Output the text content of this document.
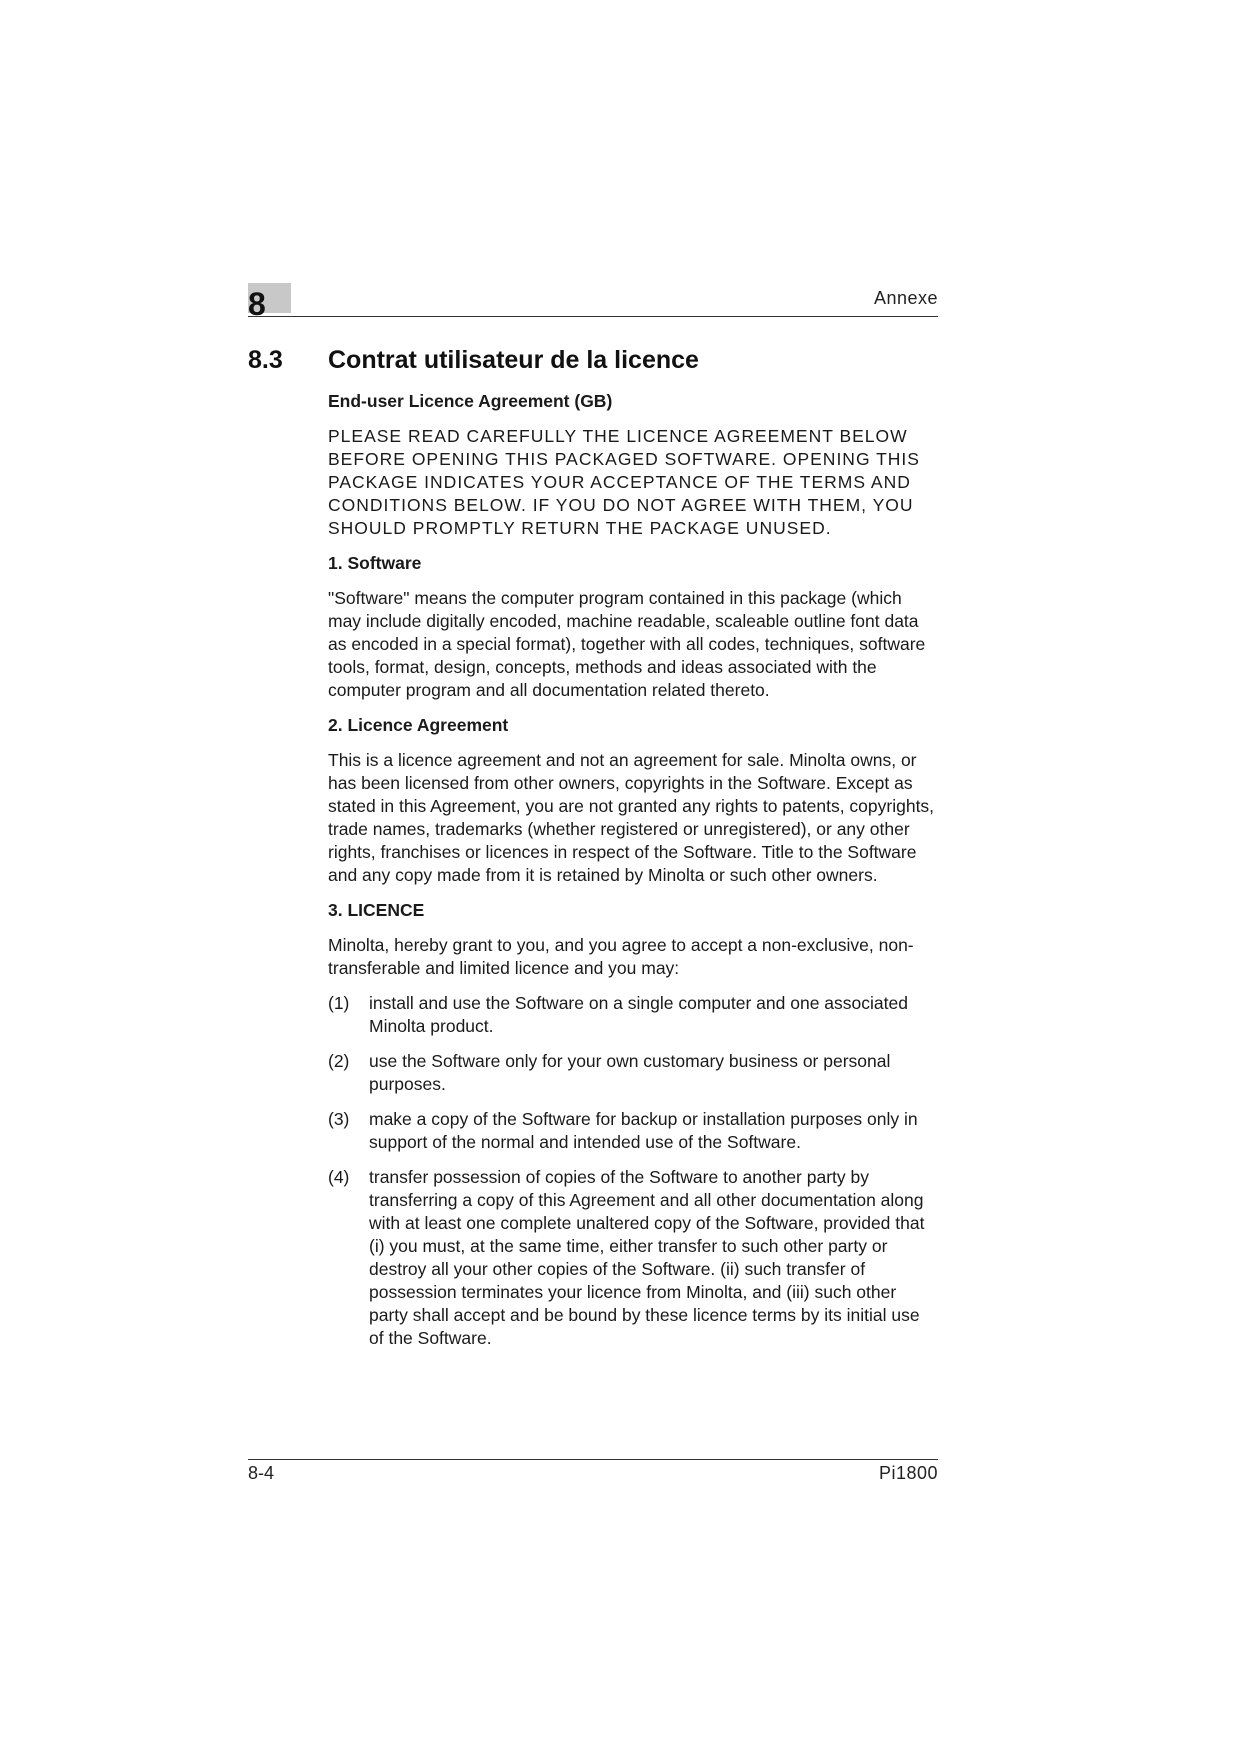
8	Annexe
8.3 Contrat utilisateur de la licence
End-user Licence Agreement (GB)
PLEASE READ CAREFULLY THE LICENCE AGREEMENT BELOW BEFORE OPENING THIS PACKAGED SOFTWARE. OPENING THIS PACKAGE INDICATES YOUR ACCEPTANCE OF THE TERMS AND CONDITIONS BELOW. IF YOU DO NOT AGREE WITH THEM, YOU SHOULD PROMPTLY RETURN THE PACKAGE UNUSED.
1. Software
"Software" means the computer program contained in this package (which may include digitally encoded, machine readable, scaleable outline font data as encoded in a special format), together with all codes, techniques, software tools, format, design, concepts, methods and ideas associated with the computer program and all documentation related thereto.
2. Licence Agreement
This is a licence agreement and not an agreement for sale. Minolta owns, or has been licensed from other owners, copyrights in the Software. Except as stated in this Agreement, you are not granted any rights to patents, copyrights, trade names, trademarks (whether registered or unregistered), or any other rights, franchises or licences in respect of the Software. Title to the Software and any copy made from it is retained by Minolta or such other owners.
3. LICENCE
Minolta, hereby grant to you, and you agree to accept a non-exclusive, non-transferable and limited licence and you may:
(1)	install and use the Software on a single computer and one associated Minolta product.
(2)	use the Software only for your own customary business or personal purposes.
(3)	make a copy of the Software for backup or installation purposes only in support of the normal and intended use of the Software.
(4)	transfer possession of copies of the Software to another party by transferring a copy of this Agreement and all other documentation along with at least one complete unaltered copy of the Software, provided that (i) you must, at the same time, either transfer to such other party or destroy all your other copies of the Software. (ii) such transfer of possession terminates your licence from Minolta, and (iii) such other party shall accept and be bound by these licence terms by its initial use of the Software.
8-4	Pi1800
